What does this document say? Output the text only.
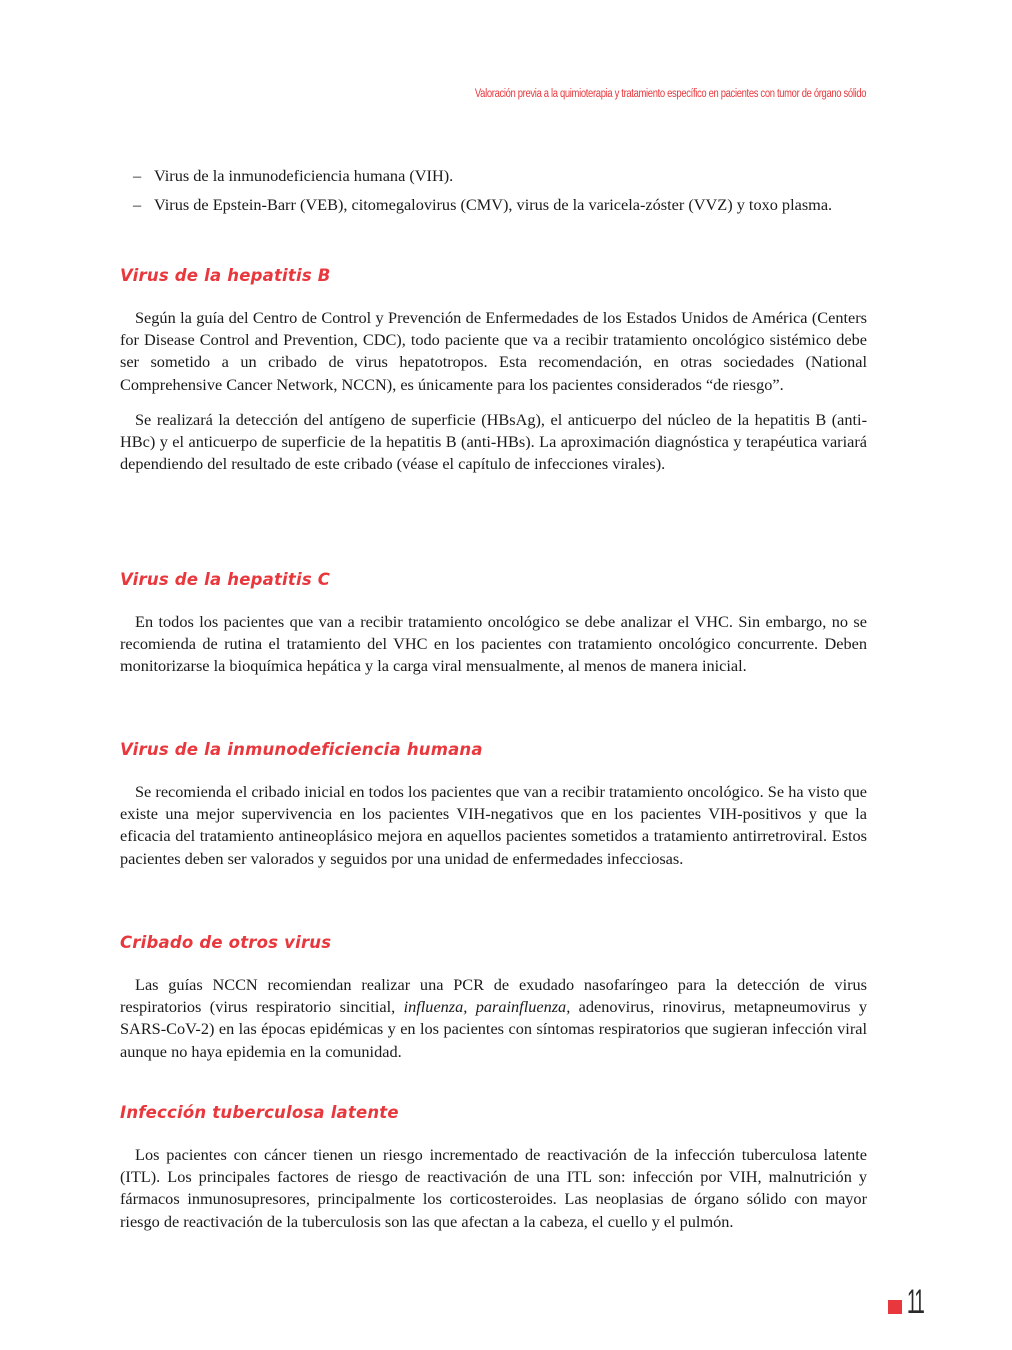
Valoración previa a la quimioterapia y tratamiento específico en pacientes con tumor de órgano sólido
– Virus de la inmunodeficiencia humana (VIH).
– Virus de Epstein-Barr (VEB), citomegalovirus (CMV), virus de la varicela-zóster (VVZ) y toxo plasma.
Virus de la hepatitis B

Según la guía del Centro de Control y Prevención de Enfermedades de los Estados Unidos de América (Centers for Disease Control and Prevention, CDC), todo paciente que va a recibir tratamiento oncológico sistémico debe ser sometido a un cribado de virus hepatotropos. Esta recomendación, en otras sociedades (National Comprehensive Cancer Network, NCCN), es únicamente para los pacientes considerados “de riesgo”.

Se realizará la detección del antígeno de superficie (HBsAg), el anticuerpo del núcleo de la hepatitis B (anti-HBc) y el anticuerpo de superficie de la hepatitis B (anti-HBs). La aproximación diagnóstica y terapéutica variará dependiendo del resultado de este cribado (véase el capítulo de infecciones virales).

Virus de la hepatitis C

En todos los pacientes que van a recibir tratamiento oncológico se debe analizar el VHC. Sin embargo, no se recomienda de rutina el tratamiento del VHC en los pacientes con tratamiento oncológico concurrente. Deben monitorizarse la bioquímica hepática y la carga viral mensualmente, al menos de manera inicial.

Virus de la inmunodeficiencia humana

Se recomienda el cribado inicial en todos los pacientes que van a recibir tratamiento oncológico. Se ha visto que existe una mejor supervivencia en los pacientes VIH-negativos que en los pacientes VIH-positivos y que la eficacia del tratamiento antineoplásico mejora en aquellos pacientes sometidos a tratamiento antirretroviral. Estos pacientes deben ser valorados y seguidos por una unidad de enfermedades infecciosas.

Cribado de otros virus

Las guías NCCN recomiendan realizar una PCR de exudado nasofaríngeo para la detección de virus respiratorios (virus respiratorio sincitial, influenza, parainfluenza, adenovirus, rinovirus, metapneumovirus y SARS-CoV-2) en las épocas epidémicas y en los pacientes con síntomas respiratorios que sugieran infección viral aunque no haya epidemia en la comunidad.

Infección tuberculosa latente

Los pacientes con cáncer tienen un riesgo incrementado de reactivación de la infección tuberculosa latente (ITL). Los principales factores de riesgo de reactivación de una ITL son: infección por VIH, malnutrición y fármacos inmunosupresores, principalmente los corticosteroides. Las neoplasias de órgano sólido con mayor riesgo de reactivación de la tuberculosis son las que afectan a la cabeza, el cuello y el pulmón.

11
